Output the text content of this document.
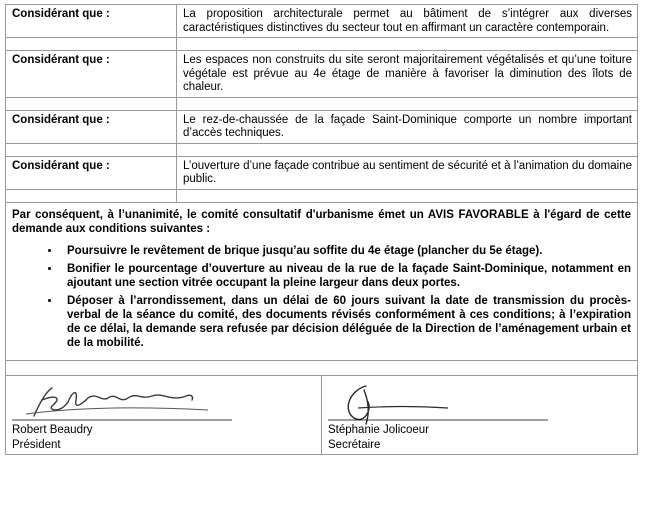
Considérant que :	La proposition architecturale permet au bâtiment de s’intégrer aux diverses caractéristiques distinctives du secteur tout en affirmant un caractère contemporain.
Considérant que :	Les espaces non construits du site seront majoritairement végétalisés et qu’une toiture végétale est prévue au 4e étage de manière à favoriser la diminution des îlots de chaleur.
Considérant que :	Le rez-de-chaussée de la façade Saint-Dominique comporte un nombre important d’accès techniques.
Considérant que :	L’ouverture d’une façade contribue au sentiment de sécurité et à l’animation du domaine public.

Par conséquent, à l’unanimité, le comité consultatif d'urbanisme émet un AVIS FAVORABLE à l'égard de cette demande aux conditions suivantes :

• Poursuivre le revêtement de brique jusqu’au soffite du 4e étage (plancher du 5e étage).
• Bonifier le pourcentage d’ouverture au niveau de la rue de la façade Saint-Dominique, notamment en ajoutant une section vitrée occupant la pleine largeur dans deux portes.
• Déposer à l’arrondissement, dans un délai de 60 jours suivant la date de transmission du procès-verbal de la séance du comité, des documents révisés conformément à ces conditions; à l’expiration de ce délai, la demande sera refusée par décision déléguée de la Direction de l’aménagement urbain et de la mobilité.
Robert Beaudry
Président
Stéphanie Jolicoeur
Secrétaire
